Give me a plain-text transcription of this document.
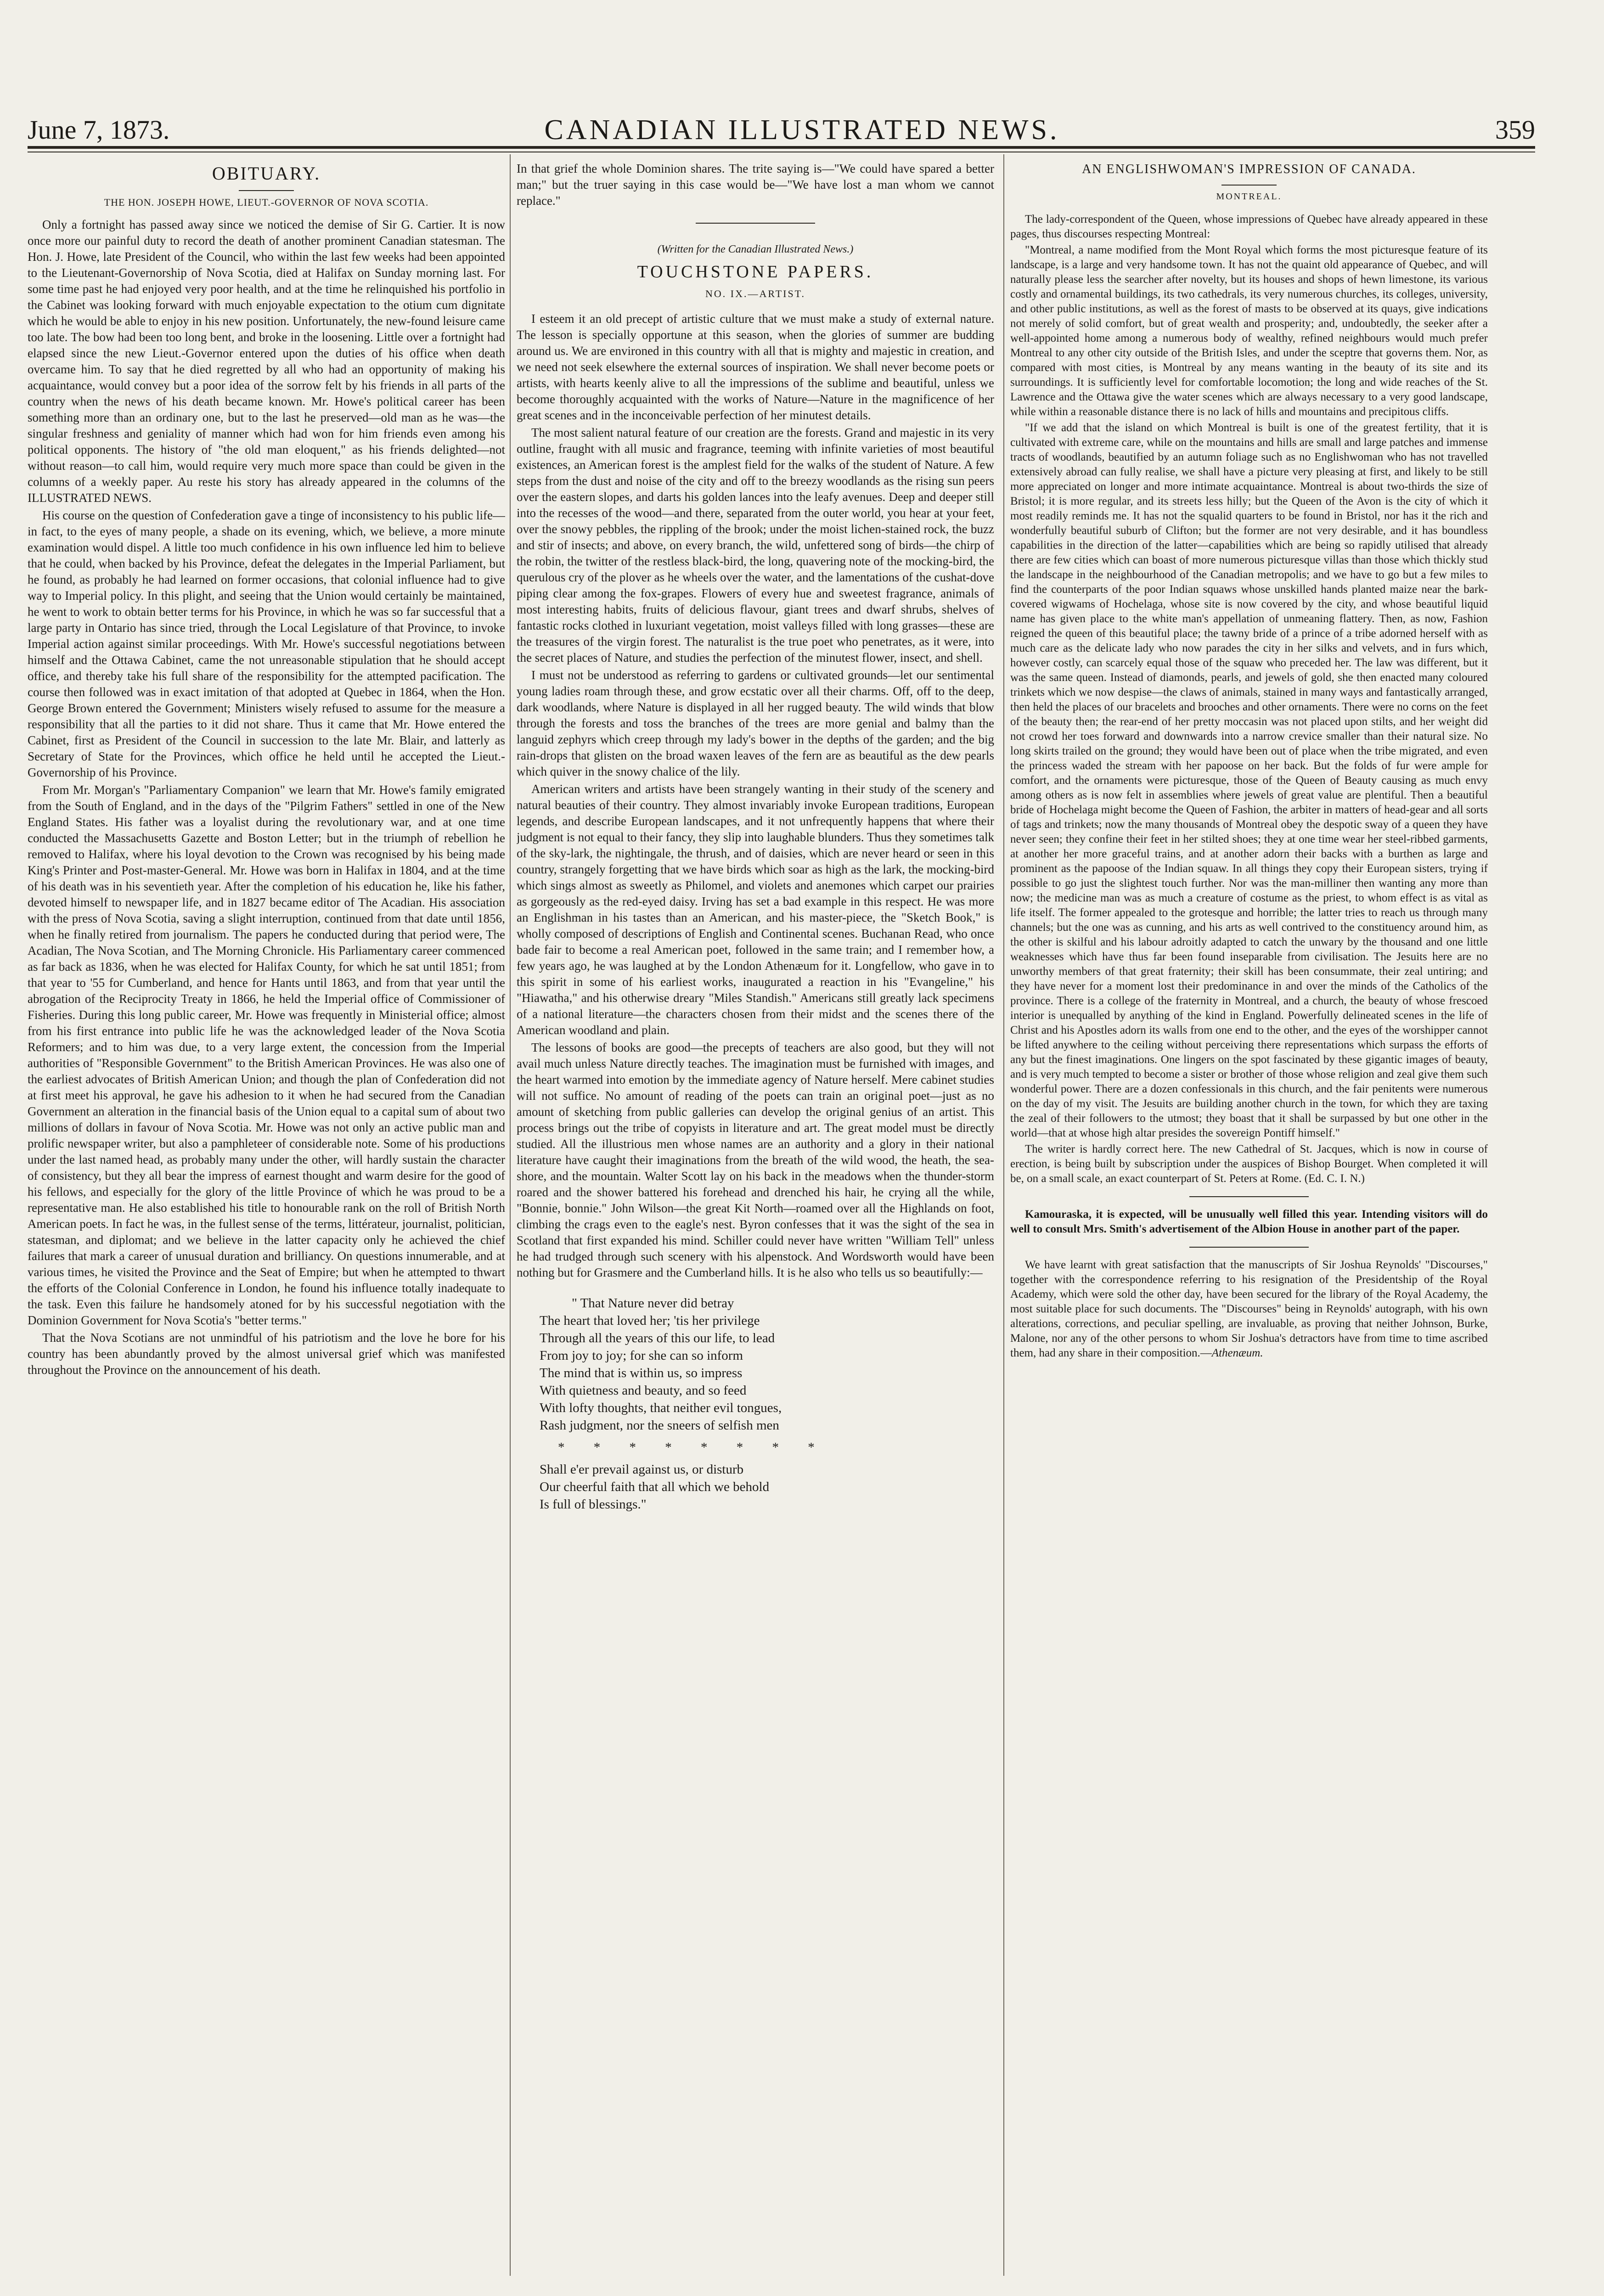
June 7, 1873.	CANADIAN ILLUSTRATED NEWS.	359
OBITUARY.
THE HON. JOSEPH HOWE, LIEUT.-GOVERNOR OF NOVA SCOTIA.

Only a fortnight has passed away since we noticed the demise of Sir G. Cartier. It is now once more our painful duty to record the death of another prominent Canadian statesman. The Hon. J. Howe, late President of the Council, who within the last few weeks had been appointed to the Lieutenant-Governorship of Nova Scotia, died at Halifax on Sunday morning last. For some time past he had enjoyed very poor health, and at the time he relinquished his portfolio in the Cabinet was looking forward with much enjoyable expectation to the otium cum dignitate which he would be able to enjoy in his new position. Unfortunately, the new-found leisure came too late. The bow had been too long bent, and broke in the loosening. Little over a fortnight had elapsed since the new Lieut.-Governor entered upon the duties of his office when death overcame him. To say that he died regretted by all who had an opportunity of making his acquaintance, would convey but a poor idea of the sorrow felt by his friends in all parts of the country when the news of his death became known. Mr. Howe's political career has been something more than an ordinary one, but to the last he preserved—old man as he was—the singular freshness and geniality of manner which had won for him friends even among his political opponents. The history of "the old man eloquent," as his friends delighted—not without reason—to call him, would require very much more space than could be given in the columns of a weekly paper. Au reste his story has already appeared in the columns of the ILLUSTRATED NEWS.

His course on the question of Confederation gave a tinge of inconsistency to his public life—in fact, to the eyes of many people, a shade on its evening, which, we believe, a more minute examination would dispel. A little too much confidence in his own influence led him to believe that he could, when backed by his Province, defeat the delegates in the Imperial Parliament, but he found, as probably he had learned on former occasions, that colonial influence had to give way to Imperial policy. In this plight, and seeing that the Union would certainly be maintained, he went to work to obtain better terms for his Province, in which he was so far successful that a large party in Ontario has since tried, through the Local Legislature of that Province, to invoke Imperial action against similar proceedings. With Mr. Howe's successful negotiations between himself and the Ottawa Cabinet, came the not unreasonable stipulation that he should accept office, and thereby take his full share of the responsibility for the attempted pacification. The course then followed was in exact imitation of that adopted at Quebec in 1864, when the Hon. George Brown entered the Government; Ministers wisely refused to assume for the measure a responsibility that all the parties to it did not share. Thus it came that Mr. Howe entered the Cabinet, first as President of the Council in succession to the late Mr. Blair, and latterly as Secretary of State for the Provinces, which office he held until he accepted the Lieut.-Governorship of his Province.

From Mr. Morgan's "Parliamentary Companion" we learn that Mr. Howe's family emigrated from the South of England, and in the days of the "Pilgrim Fathers" settled in one of the New England States. His father was a loyalist during the revolutionary war, and at one time conducted the Massachusetts Gazette and Boston Letter; but in the triumph of rebellion he removed to Halifax, where his loyal devotion to the Crown was recognised by his being made King's Printer and Post-master-General. Mr. Howe was born in Halifax in 1804, and at the time of his death was in his seventieth year. After the completion of his education he, like his father, devoted himself to newspaper life, and in 1827 became editor of The Acadian. His association with the press of Nova Scotia, saving a slight interruption, continued from that date until 1856, when he finally retired from journalism. The papers he conducted during that period were, The Acadian, The Nova Scotian, and The Morning Chronicle. His Parliamentary career commenced as far back as 1836, when he was elected for Halifax County, for which he sat until 1851; from that year to '55 for Cumberland, and hence for Hants until 1863, and from that year until the abrogation of the Reciprocity Treaty in 1866, he held the Imperial office of Commissioner of Fisheries. During this long public career, Mr. Howe was frequently in Ministerial office; almost from his first entrance into public life he was the acknowledged leader of the Nova Scotia Reformers; and to him was due, to a very large extent, the concession from the Imperial authorities of "Responsible Government" to the British American Provinces. He was also one of the earliest advocates of British American Union; and though the plan of Confederation did not at first meet his approval, he gave his adhesion to it when he had secured from the Canadian Government an alteration in the financial basis of the Union equal to a capital sum of about two millions of dollars in favour of Nova Scotia. Mr. Howe was not only an active public man and prolific newspaper writer, but also a pamphleteer of considerable note. Some of his productions under the last named head, as probably many under the other, will hardly sustain the character of consistency, but they all bear the impress of earnest thought and warm desire for the good of his fellows, and especially for the glory of the little Province of which he was proud to be a representative man. He also established his title to honourable rank on the roll of British North American poets. In fact he was, in the fullest sense of the terms, littérateur, journalist, politician, statesman, and diplomat; and we believe in the latter capacity only he achieved the chief failures that mark a career of unusual duration and brilliancy. On questions innumerable, and at various times, he visited the Province and the Seat of Empire; but when he attempted to thwart the efforts of the Colonial Conference in London, he found his influence totally inadequate to the task. Even this failure he handsomely atoned for by his successful negotiation with the Dominion Government for Nova Scotia's "better terms."

That the Nova Scotians are not unmindful of his patriotism and the love he bore for his country has been abundantly proved by the almost universal grief which was manifested throughout the Province on the announcement of his death.

In that grief the whole Dominion shares. The trite saying is—"We could have spared a better man;" but the truer saying in this case would be—"We have lost a man whom we cannot replace."

(Written for the Canadian Illustrated News.)
TOUCHSTONE PAPERS.
NO. IX.—ARTIST.

I esteem it an old precept of artistic culture that we must make a study of external nature. The lesson is specially opportune at this season, when the glories of summer are budding around us. We are environed in this country with all that is mighty and majestic in creation, and we need not seek elsewhere the external sources of inspiration. We shall never become poets or artists, with hearts keenly alive to all the impressions of the sublime and beautiful, unless we become thoroughly acquainted with the works of Nature—Nature in the magnificence of her great scenes and in the inconceivable perfection of her minutest details.

The most salient natural feature of our creation are the forests. Grand and majestic in its very outline, fraught with all music and fragrance, teeming with infinite varieties of most beautiful existences, an American forest is the amplest field for the walks of the student of Nature. A few steps from the dust and noise of the city and off to the breezy woodlands as the rising sun peers over the eastern slopes, and darts his golden lances into the leafy avenues. Deep and deeper still into the recesses of the wood—and there, separated from the outer world, you hear at your feet, over the snowy pebbles, the rippling of the brook; under the moist lichen-stained rock, the buzz and stir of insects; and above, on every branch, the wild, unfettered song of birds—the chirp of the robin, the twitter of the restless black-bird, the long, quavering note of the mocking-bird, the querulous cry of the plover as he wheels over the water, and the lamentations of the cushat-dove piping clear among the fox-grapes. Flowers of every hue and sweetest fragrance, animals of most interesting habits, fruits of delicious flavour, giant trees and dwarf shrubs, shelves of fantastic rocks clothed in luxuriant vegetation, moist valleys filled with long grasses—these are the treasures of the virgin forest. The naturalist is the true poet who penetrates, as it were, into the secret places of Nature, and studies the perfection of the minutest flower, insect, and shell.

I must not be understood as referring to gardens or cultivated grounds—let our sentimental young ladies roam through these, and grow ecstatic over all their charms. Off, off to the deep, dark woodlands, where Nature is displayed in all her rugged beauty. The wild winds that blow through the forests and toss the branches of the trees are more genial and balmy than the languid zephyrs which creep through my lady's bower in the depths of the garden; and the big rain-drops that glisten on the broad waxen leaves of the fern are as beautiful as the dew pearls which quiver in the snowy chalice of the lily.

American writers and artists have been strangely wanting in their study of the scenery and natural beauties of their country. They almost invariably invoke European traditions, European legends, and describe European landscapes, and it not unfrequently happens that where their judgment is not equal to their fancy, they slip into laughable blunders. Thus they sometimes talk of the sky-lark, the nightingale, the thrush, and of daisies, which are never heard or seen in this country, strangely forgetting that we have birds which soar as high as the lark, the mocking-bird which sings almost as sweetly as Philomel, and violets and anemones which carpet our prairies as gorgeously as the red-eyed daisy. Irving has set a bad example in this respect. He was more an Englishman in his tastes than an American, and his master-piece, the "Sketch Book," is wholly composed of descriptions of English and Continental scenes. Buchanan Read, who once bade fair to become a real American poet, followed in the same train; and I remember how, a few years ago, he was laughed at by the London Athenæum for it. Longfellow, who gave in to this spirit in some of his earliest works, inaugurated a reaction in his "Evangeline," his "Hiawatha," and his otherwise dreary "Miles Standish." Americans still greatly lack specimens of a national literature—the characters chosen from their midst and the scenes there of the American woodland and plain.

The lessons of books are good—the precepts of teachers are also good, but they will not avail much unless Nature directly teaches. The imagination must be furnished with images, and the heart warmed into emotion by the immediate agency of Nature herself. Mere cabinet studies will not suffice. No amount of reading of the poets can train an original poet—just as no amount of sketching from public galleries can develop the original genius of an artist. This process brings out the tribe of copyists in literature and art. The great model must be directly studied. All the illustrious men whose names are an authority and a glory in their national literature have caught their imaginations from the breath of the wild wood, the heath, the sea-shore, and the mountain. Walter Scott lay on his back in the meadows when the thunder-storm roared and the shower battered his forehead and drenched his hair, he crying all the while, "Bonnie, bonnie." John Wilson—the great Kit North—roamed over all the Highlands on foot, climbing the crags even to the eagle's nest. Byron confesses that it was the sight of the sea in Scotland that first expanded his mind. Schiller could never have written "William Tell" unless he had trudged through such scenery with his alpenstock. And Wordsworth would have been nothing but for Grasmere and the Cumberland hills. It is he also who tells us so beautifully:—

" That Nature never did betray
The heart that loved her; 'tis her privilege
Through all the years of this our life, to lead
From joy to joy; for she can so inform
The mind that is within us, so impress
With quietness and beauty, and so feed
With lofty thoughts, that neither evil tongues,
Rash judgment, nor the sneers of selfish men
* * * * * * * *
Shall e'er prevail against us, or disturb
Our cheerful faith that all which we behold
Is full of blessings."
AN ENGLISHWOMAN'S IMPRESSION OF CANADA.
MONTREAL.

The lady-correspondent of the Queen, whose impressions of Quebec have already appeared in these pages, thus discourses respecting Montreal:

"Montreal, a name modified from the Mont Royal which forms the most picturesque feature of its landscape, is a large and very handsome town. It has not the quaint old appearance of Quebec, and will naturally please less the searcher after novelty, but its houses and shops of hewn limestone, its various costly and ornamental buildings, its two cathedrals, its very numerous churches, its colleges, university, and other public institutions, as well as the forest of masts to be observed at its quays, give indications not merely of solid comfort, but of great wealth and prosperity; and, undoubtedly, the seeker after a well-appointed home among a numerous body of wealthy, refined neighbours would much prefer Montreal to any other city outside of the British Isles, and under the sceptre that governs them. Nor, as compared with most cities, is Montreal by any means wanting in the beauty of its site and its surroundings. It is sufficiently level for comfortable locomotion; the long and wide reaches of the St. Lawrence and the Ottawa give the water scenes which are always necessary to a very good landscape, while within a reasonable distance there is no lack of hills and mountains and precipitous cliffs.

"If we add that the island on which Montreal is built is one of the greatest fertility, that it is cultivated with extreme care, while on the mountains and hills are small and large patches and immense tracts of woodlands, beautified by an autumn foliage such as no Englishwoman who has not travelled extensively abroad can fully realise, we shall have a picture very pleasing at first, and likely to be still more appreciated on longer and more intimate acquaintance. Montreal is about two-thirds the size of Bristol; it is more regular, and its streets less hilly; but the Queen of the Avon is the city of which it most readily reminds me. It has not the squalid quarters to be found in Bristol, nor has it the rich and wonderfully beautiful suburb of Clifton; but the former are not very desirable, and it has boundless capabilities in the direction of the latter—capabilities which are being so rapidly utilised that already there are few cities which can boast of more numerous picturesque villas than those which thickly stud the landscape in the neighbourhood of the Canadian metropolis; and we have to go but a few miles to find the counterparts of the poor Indian squaws whose unskilled hands planted maize near the bark-covered wigwams of Hochelaga, whose site is now covered by the city, and whose beautiful liquid name has given place to the white man's appellation of unmeaning flattery. Then, as now, Fashion reigned the queen of this beautiful place; the tawny bride of a prince of a tribe adorned herself with as much care as the delicate lady who now parades the city in her silks and velvets, and in furs which, however costly, can scarcely equal those of the squaw who preceded her. The law was different, but it was the same queen. Instead of diamonds, pearls, and jewels of gold, she then enacted many coloured trinkets which we now despise—the claws of animals, stained in many ways and fantastically arranged, then held the places of our bracelets and brooches and other ornaments. There were no corns on the feet of the beauty then; the rear-end of her pretty moccasin was not placed upon stilts, and her weight did not crowd her toes forward and downwards into a narrow crevice smaller than their natural size. No long skirts trailed on the ground; they would have been out of place when the tribe migrated, and even the princess waded the stream with her papoose on her back. But the folds of fur were ample for comfort, and the ornaments were picturesque, those of the Queen of Beauty causing as much envy among others as is now felt in assemblies where jewels of great value are plentiful. Then a beautiful bride of Hochelaga might become the Queen of Fashion, the arbiter in matters of head-gear and all sorts of tags and trinkets; now the many thousands of Montreal obey the despotic sway of a queen they have never seen; they confine their feet in her stilted shoes; they at one time wear her steel-ribbed garments, at another her more graceful trains, and at another adorn their backs with a burthen as large and prominent as the papoose of the Indian squaw. In all things they copy their European sisters, trying if possible to go just the slightest touch further. Nor was the man-milliner then wanting any more than now; the medicine man was as much a creature of costume as the priest, to whom effect is as vital as life itself. The former appealed to the grotesque and horrible; the latter tries to reach us through many channels; but the one was as cunning, and his arts as well contrived to the constituency around him, as the other is skilful and his labour adroitly adapted to catch the unwary by the thousand and one little weaknesses which have thus far been found inseparable from civilisation. The Jesuits here are no unworthy members of that great fraternity; their skill has been consummate, their zeal untiring; and they have never for a moment lost their predominance in and over the minds of the Catholics of the province. There is a college of the fraternity in Montreal, and a church, the beauty of whose frescoed interior is unequalled by anything of the kind in England. Powerfully delineated scenes in the life of Christ and his Apostles adorn its walls from one end to the other, and the eyes of the worshipper cannot be lifted anywhere to the ceiling without perceiving there representations which surpass the efforts of any but the finest imaginations. One lingers on the spot fascinated by these gigantic images of beauty, and is very much tempted to become a sister or brother of those whose religion and zeal give them such wonderful power. There are a dozen confessionals in this church, and the fair penitents were numerous on the day of my visit. The Jesuits are building another church in the town, for which they are taxing the zeal of their followers to the utmost; they boast that it shall be surpassed by but one other in the world—that at whose high altar presides the sovereign Pontiff himself."

The writer is hardly correct here. The new Cathedral of St. Jacques, which is now in course of erection, is being built by subscription under the auspices of Bishop Bourget. When completed it will be, on a small scale, an exact counterpart of St. Peters at Rome. (Ed. C. I. N.)

Kamouraska, it is expected, will be unusually well filled this year. Intending visitors will do well to consult Mrs. Smith's advertisement of the Albion House in another part of the paper.

We have learnt with great satisfaction that the manuscripts of Sir Joshua Reynolds' "Discourses," together with the correspondence referring to his resignation of the Presidentship of the Royal Academy, which were sold the other day, have been secured for the library of the Royal Academy, the most suitable place for such documents. The "Discourses" being in Reynolds' autograph, with his own alterations, corrections, and peculiar spelling, are invaluable, as proving that neither Johnson, Burke, Malone, nor any of the other persons to whom Sir Joshua's detractors have from time to time ascribed them, had any share in their composition.—Athenæum.
